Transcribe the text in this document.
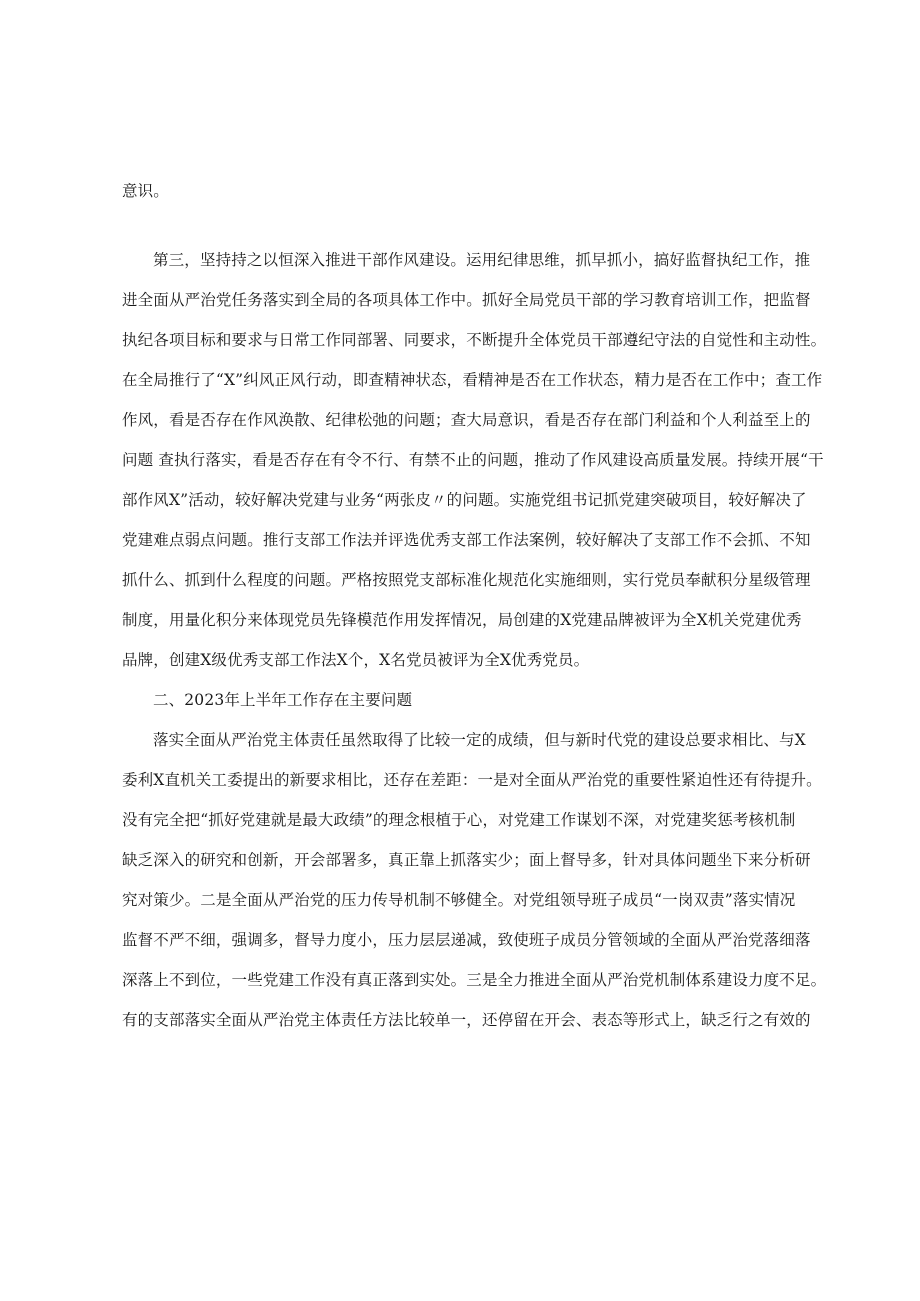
意识。
第三，坚持持之以恒深入推进干部作风建设。运用纪律思维，抓早抓小，搞好监督执纪工作，推
进全面从严治党任务落实到全局的各项具体工作中。抓好全局党员干部的学习教育培训工作，把监督
执纪各项目标和要求与日常工作同部署、同要求，不断提升全体党员干部遵纪守法的自觉性和主动性。
在全局推行了“X”纠风正风行动，即查精神状态，看精神是否在工作状态，精力是否在工作中；查工作
作风，看是否存在作风涣散、纪律松弛的问题；查大局意识，看是否存在部门利益和个人利益至上的
问题 查执行落实，看是否存在有令不行、有禁不止的问题，推动了作风建设高质量发展。持续开展“干
部作风X”活动，较好解决党建与业务“两张皮〃的问题。实施党组书记抓党建突破项目，较好解决了
党建难点弱点问题。推行支部工作法并评选优秀支部工作法案例，较好解决了支部工作不会抓、不知
抓什么、抓到什么程度的问题。严格按照党支部标准化规范化实施细则，实行党员奉献积分星级管理
制度，用量化积分来体现党员先锋模范作用发挥情况，局创建的X党建品牌被评为全X机关党建优秀
品牌，创建X级优秀支部工作法X个，X名党员被评为全X优秀党员。
二、2023年上半年工作存在主要问题
落实全面从严治党主体责任虽然取得了比较一定的成绩，但与新时代党的建设总要求相比、与X
委利X直机关工委提出的新要求相比，还存在差距：一是对全面从严治党的重要性紧迫性还有待提升。
没有完全把“抓好党建就是最大政绩”的理念根植于心，对党建工作谋划不深，对党建奖惩考核机制
缺乏深入的研究和创新，开会部署多，真正靠上抓落实少；面上督导多，针对具体问题坐下来分析研
究对策少。二是全面从严治党的压力传导机制不够健全。对党组领导班子成员“一岗双责”落实情况
监督不严不细，强调多，督导力度小，压力层层递减，致使班子成员分管领域的全面从严治党落细落
深落上不到位，一些党建工作没有真正落到实处。三是全力推进全面从严治党机制体系建设力度不足。
有的支部落实全面从严治党主体责任方法比较单一，还停留在开会、表态等形式上，缺乏行之有效的
